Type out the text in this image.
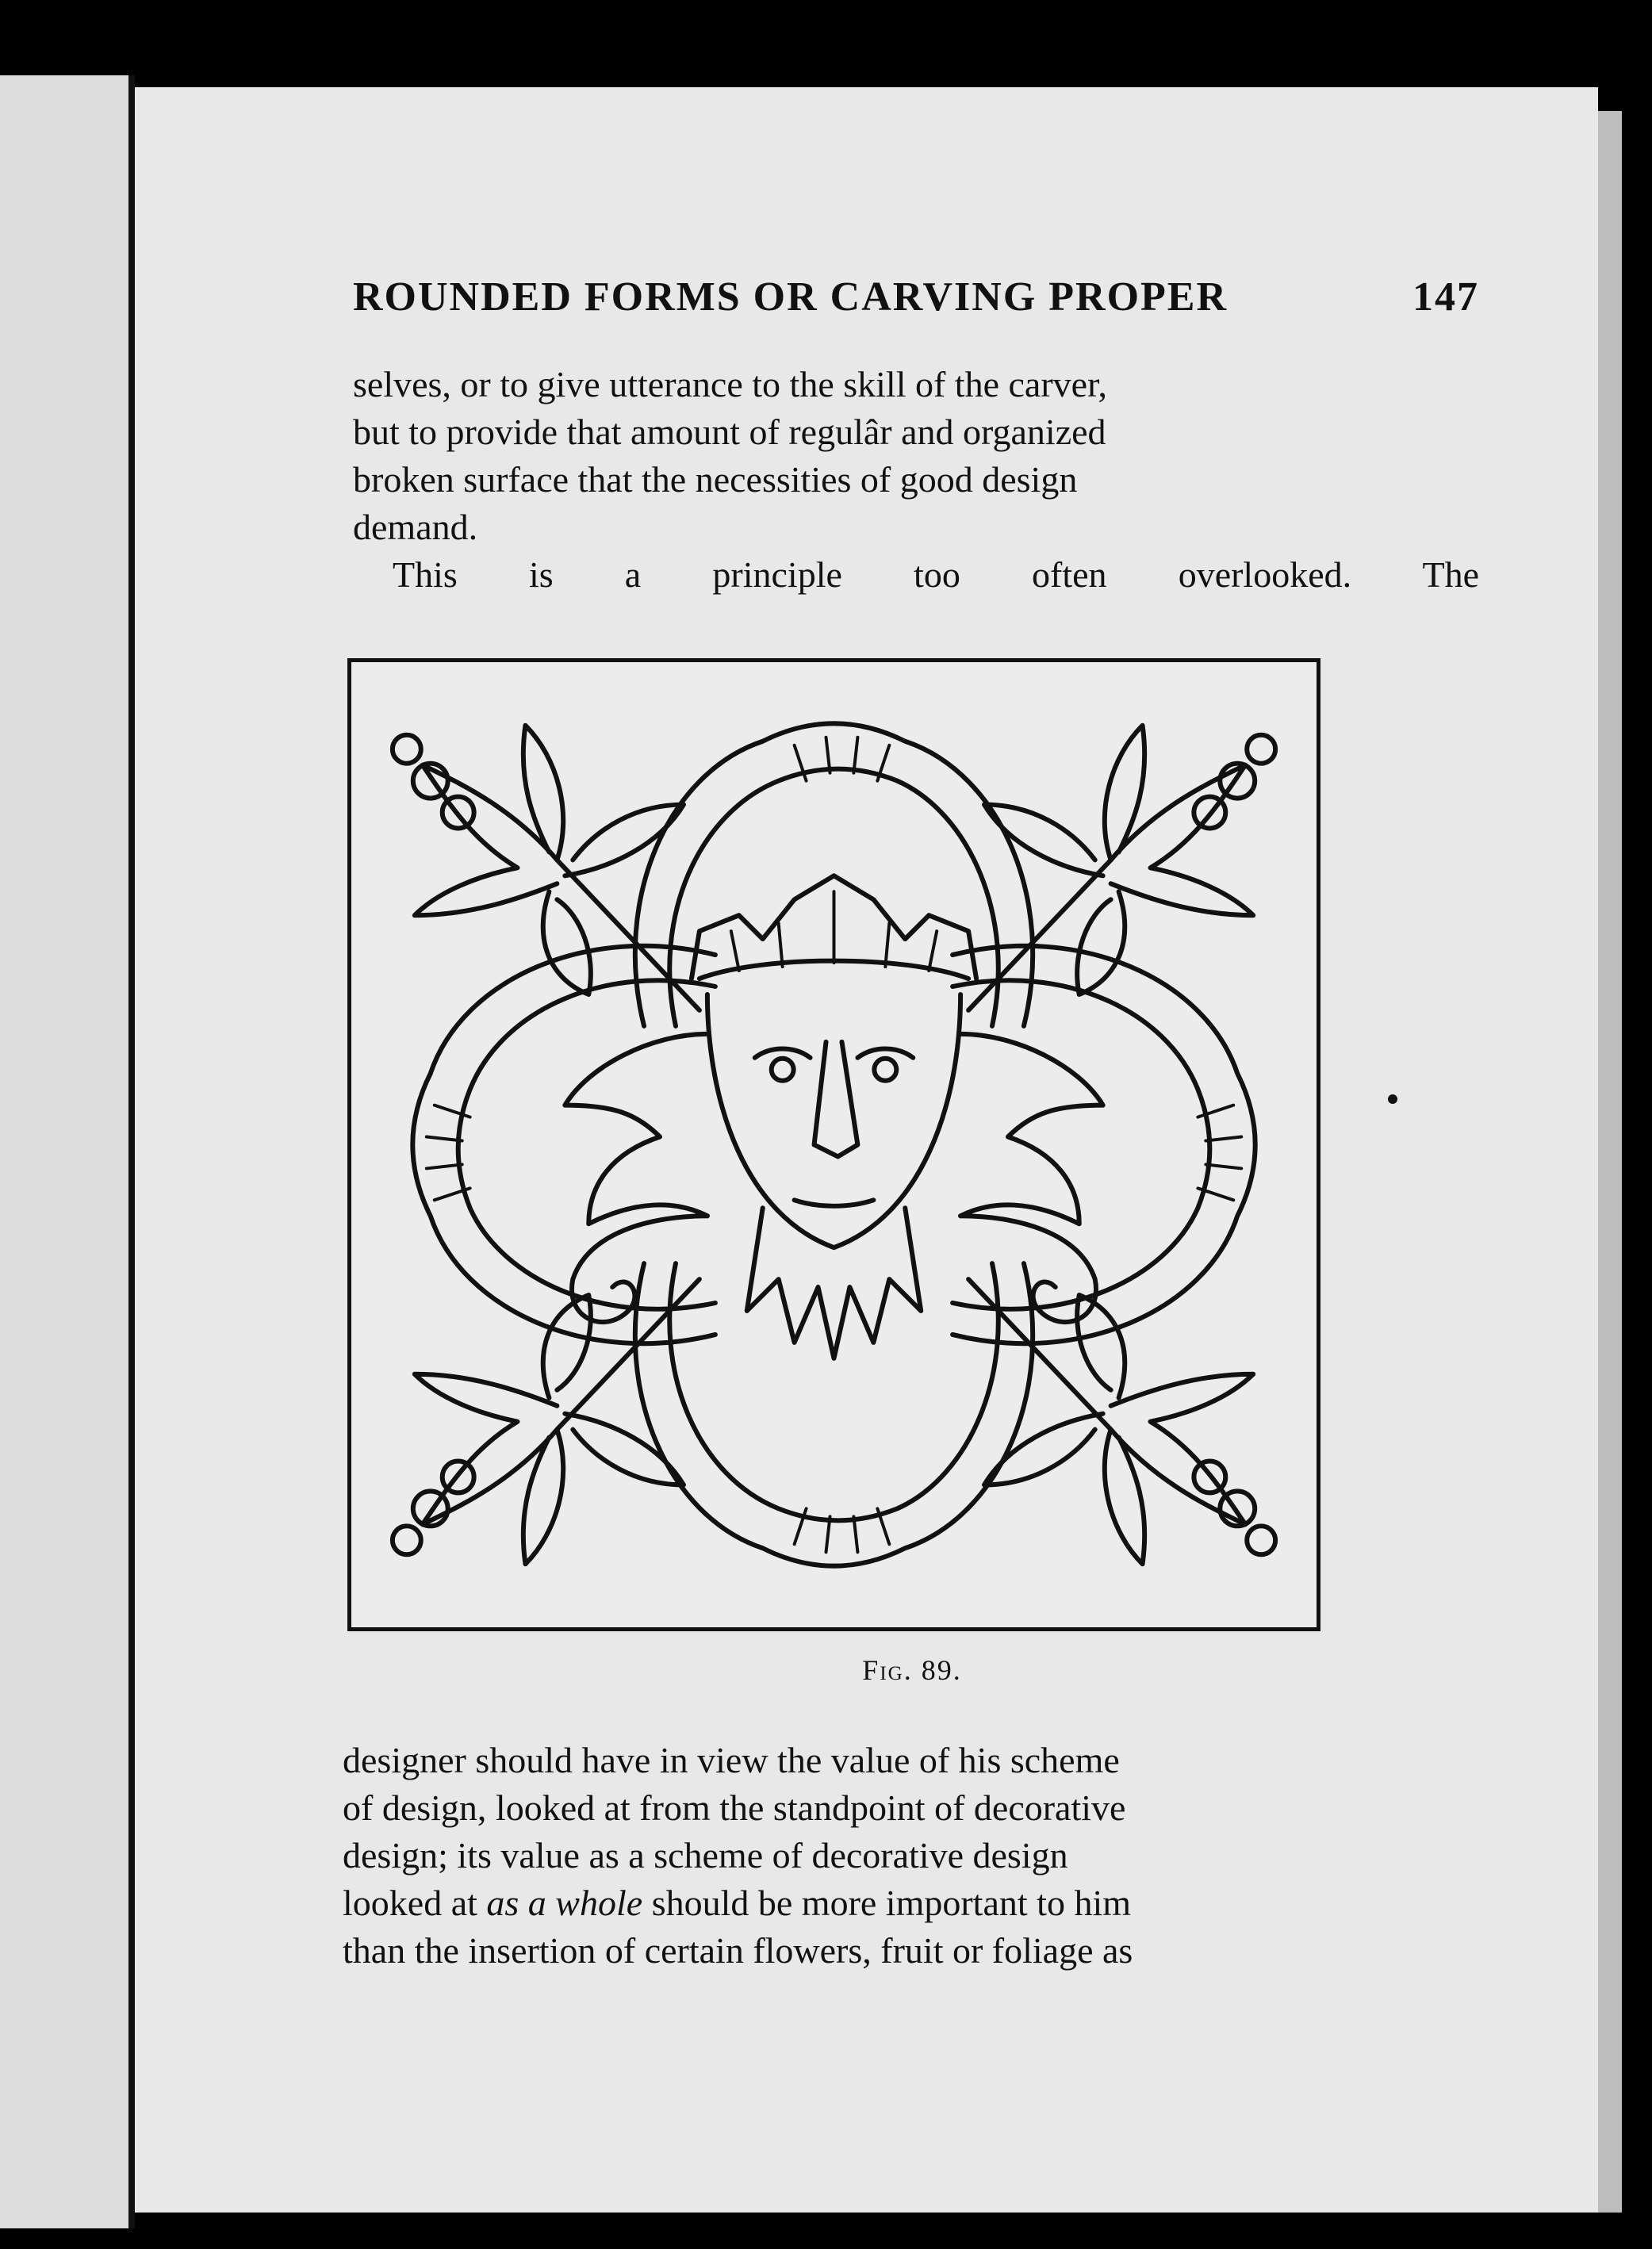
ROUNDED FORMS OR CARVING PROPER	147

selves, or to give utterance to the skill of the carver,
but to provide that amount of regulâr and organized
broken surface that the necessities of good design
demand.

This is a principle too often overlooked. The

Fig. 89.

designer should have in view the value of his scheme
of design, looked at from the standpoint of decorative
design; its value as a scheme of decorative design
looked at as a whole should be more important to him
than the insertion of certain flowers, fruit or foliage as
